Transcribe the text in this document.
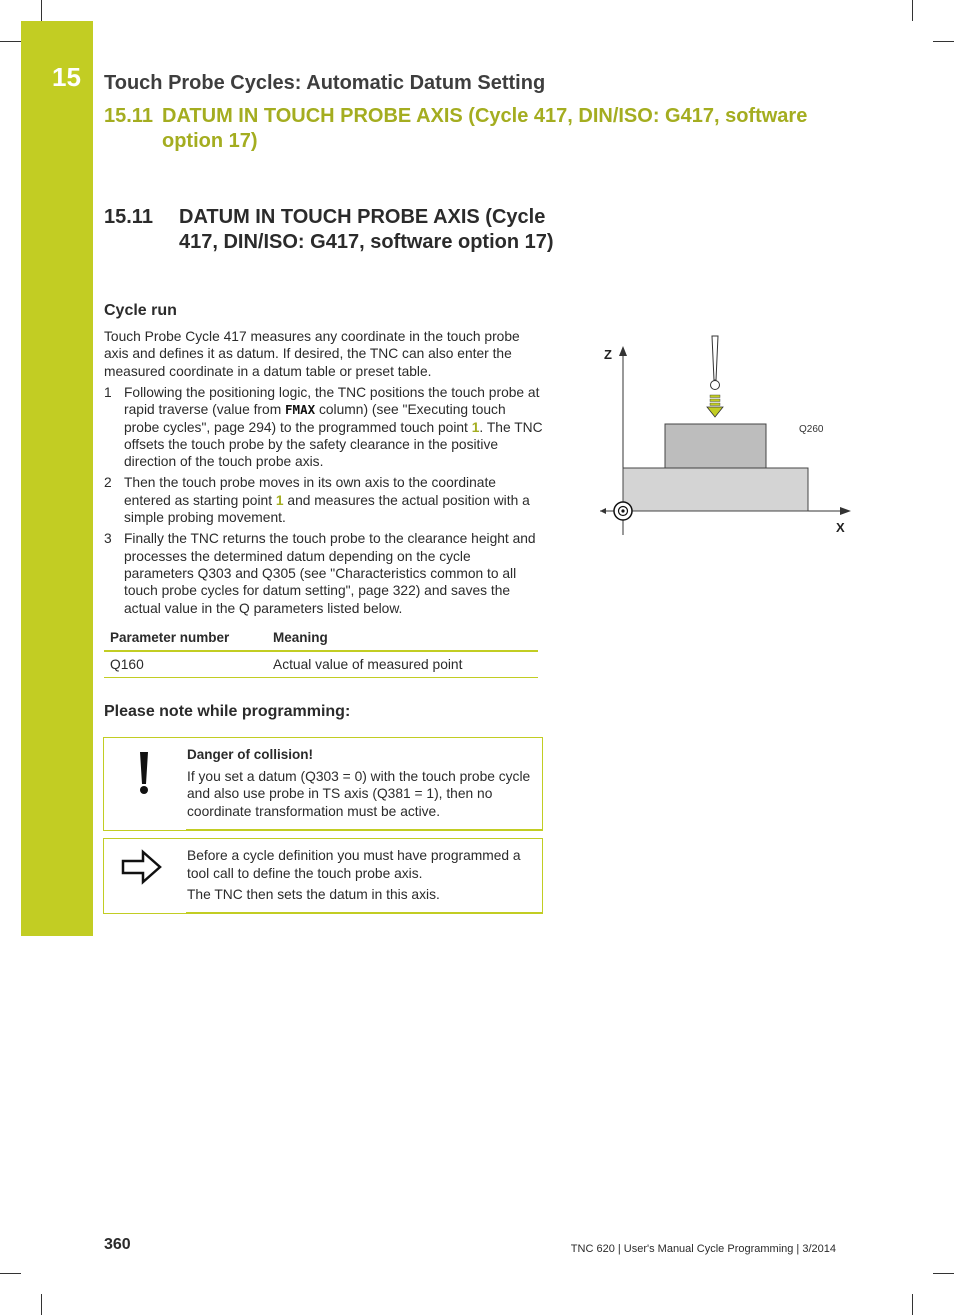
15 Touch Probe Cycles: Automatic Datum Setting
15.11 DATUM IN TOUCH PROBE AXIS (Cycle 417, DIN/ISO: G417, software option 17)
15.11	DATUM IN TOUCH PROBE AXIS (Cycle 417, DIN/ISO: G417, software option 17)
Cycle run

Touch Probe Cycle 417 measures any coordinate in the touch probe axis and defines it as datum. If desired, the TNC can also enter the measured coordinate in a datum table or preset table.

1 Following the positioning logic, the TNC positions the touch probe at rapid traverse (value from FMAX column) (see "Executing touch probe cycles", page 294) to the programmed touch point 1. The TNC offsets the touch probe by the safety clearance in the positive direction of the touch probe axis.
2 Then the touch probe moves in its own axis to the coordinate entered as starting point 1 and measures the actual position with a simple probing movement.
3 Finally the TNC returns the touch probe to the clearance height and processes the determined datum depending on the cycle parameters Q303 and Q305 (see "Characteristics common to all touch probe cycles for datum setting", page 322) and saves the actual value in the Q parameters listed below.
Parameter number	Meaning
Q160	Actual value of measured point
Please note while programming:

Danger of collision!

If you set a datum (Q303 = 0) with the touch probe cycle and also use probe in TS axis (Q381 = 1), then no coordinate transformation must be active.

Before a cycle definition you must have programmed a tool call to define the touch probe axis.

The TNC then sets the datum in this axis.

Z
X
Q260
360	TNC 620 | User's Manual Cycle Programming | 3/2014
